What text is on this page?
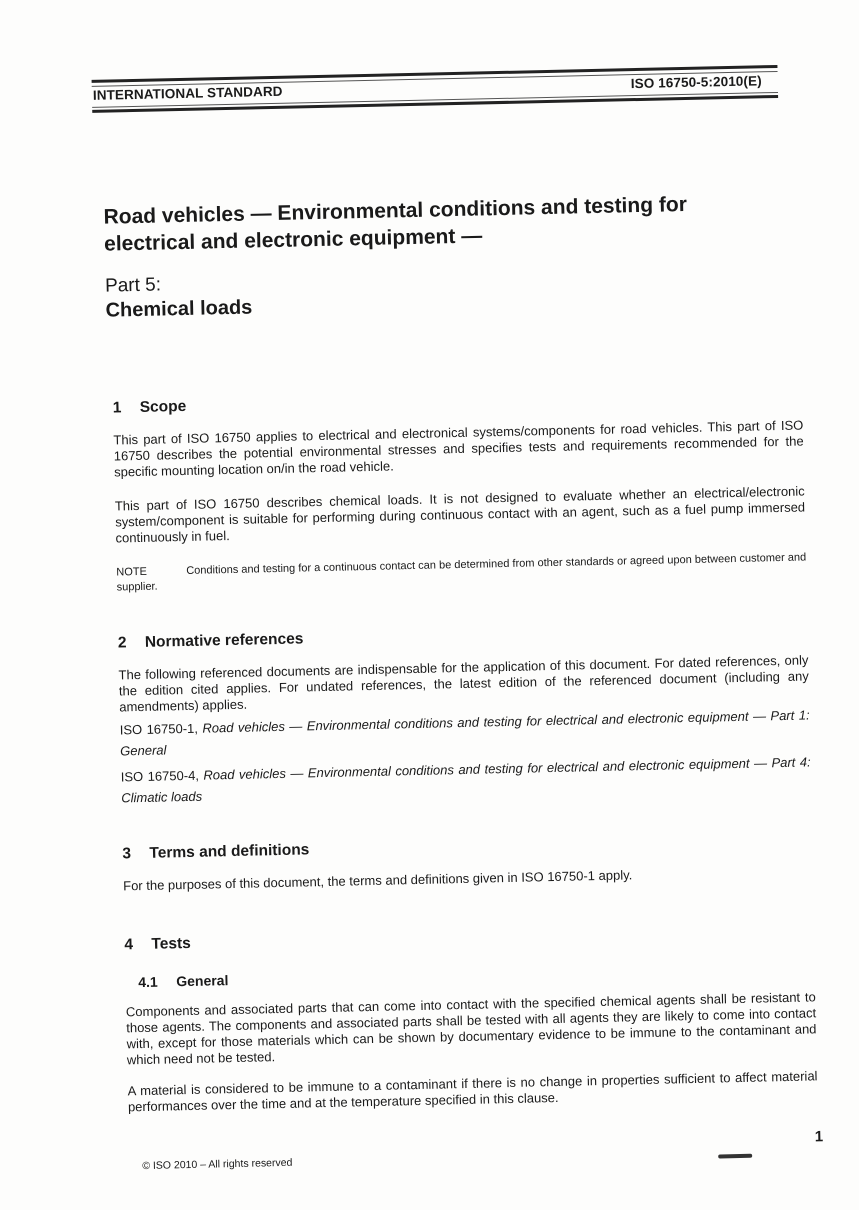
INTERNATIONAL STANDARD
ISO 16750-5:2010(E)
Road vehicles — Environmental conditions and testing for
electrical and electronic equipment —
Part 5:
Chemical loads
1 Scope
This part of ISO 16750 applies to electrical and electronical systems/components for road vehicles. This part of ISO 16750 describes the potential environmental stresses and specifies tests and requirements recommended for the specific mounting location on/in the road vehicle.
This part of ISO 16750 describes chemical loads. It is not designed to evaluate whether an electrical/electronic system/component is suitable for performing during continuous contact with an agent, such as a fuel pump immersed continuously in fuel.
NOTE	Conditions and testing for a continuous contact can be determined from other standards or agreed upon between customer and supplier.
2 Normative references
The following referenced documents are indispensable for the application of this document. For dated references, only the edition cited applies. For undated references, the latest edition of the referenced document (including any amendments) applies.
ISO 16750-1, Road vehicles — Environmental conditions and testing for electrical and electronic equipment — Part 1: General
ISO 16750-4, Road vehicles — Environmental conditions and testing for electrical and electronic equipment — Part 4: Climatic loads
3 Terms and definitions
For the purposes of this document, the terms and definitions given in ISO 16750-1 apply.
4 Tests
4.1 General
Components and associated parts that can come into contact with the specified chemical agents shall be resistant to those agents. The components and associated parts shall be tested with all agents they are likely to come into contact with, except for those materials which can be shown by documentary evidence to be immune to the contaminant and which need not be tested.
A material is considered to be immune to a contaminant if there is no change in properties sufficient to affect material performances over the time and at the temperature specified in this clause.
© ISO 2010 – All rights reserved
1
